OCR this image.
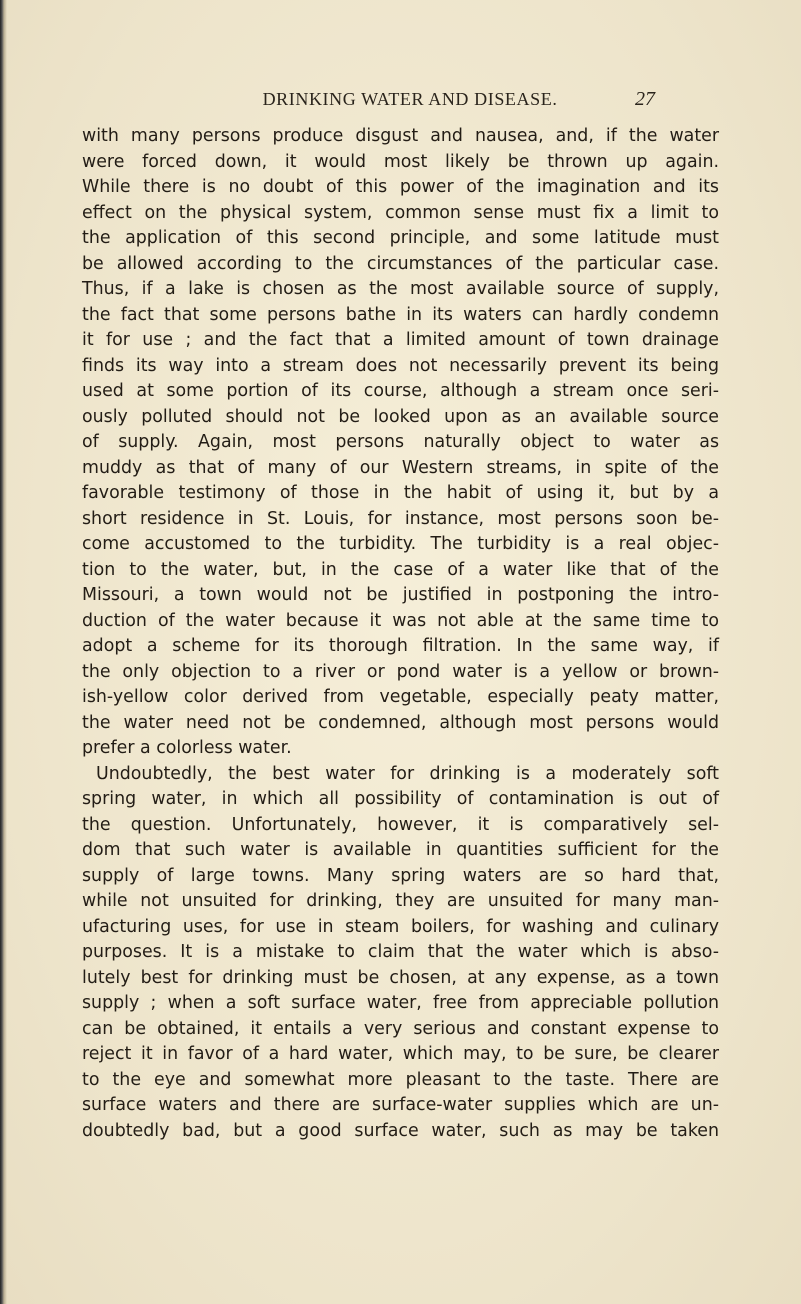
DRINKING WATER AND DISEASE.	27
with many persons produce disgust and nausea, and, if the water
were forced down, it would most likely be thrown up again.
While there is no doubt of this power of the imagination and its
effect on the physical system, common sense must fix a limit to
the application of this second principle, and some latitude must
be allowed according to the circumstances of the particular case.
Thus, if a lake is chosen as the most available source of supply,
the fact that some persons bathe in its waters can hardly condemn
it for use ; and the fact that a limited amount of town drainage
finds its way into a stream does not necessarily prevent its being
used at some portion of its course, although a stream once seri-
ously polluted should not be looked upon as an available source
of supply. Again, most persons naturally object to water as
muddy as that of many of our Western streams, in spite of the
favorable testimony of those in the habit of using it, but by a
short residence in St. Louis, for instance, most persons soon be-
come accustomed to the turbidity. The turbidity is a real objec-
tion to the water, but, in the case of a water like that of the
Missouri, a town would not be justified in postponing the intro-
duction of the water because it was not able at the same time to
adopt a scheme for its thorough filtration. In the same way, if
the only objection to a river or pond water is a yellow or brown-
ish-yellow color derived from vegetable, especially peaty matter,
the water need not be condemned, although most persons would
prefer a colorless water.
Undoubtedly, the best water for drinking is a moderately soft
spring water, in which all possibility of contamination is out of
the question. Unfortunately, however, it is comparatively sel-
dom that such water is available in quantities sufficient for the
supply of large towns. Many spring waters are so hard that,
while not unsuited for drinking, they are unsuited for many man-
ufacturing uses, for use in steam boilers, for washing and culinary
purposes. It is a mistake to claim that the water which is abso-
lutely best for drinking must be chosen, at any expense, as a town
supply ; when a soft surface water, free from appreciable pollution
can be obtained, it entails a very serious and constant expense to
reject it in favor of a hard water, which may, to be sure, be clearer
to the eye and somewhat more pleasant to the taste. There are
surface waters and there are surface-water supplies which are un-
doubtedly bad, but a good surface water, such as may be taken
